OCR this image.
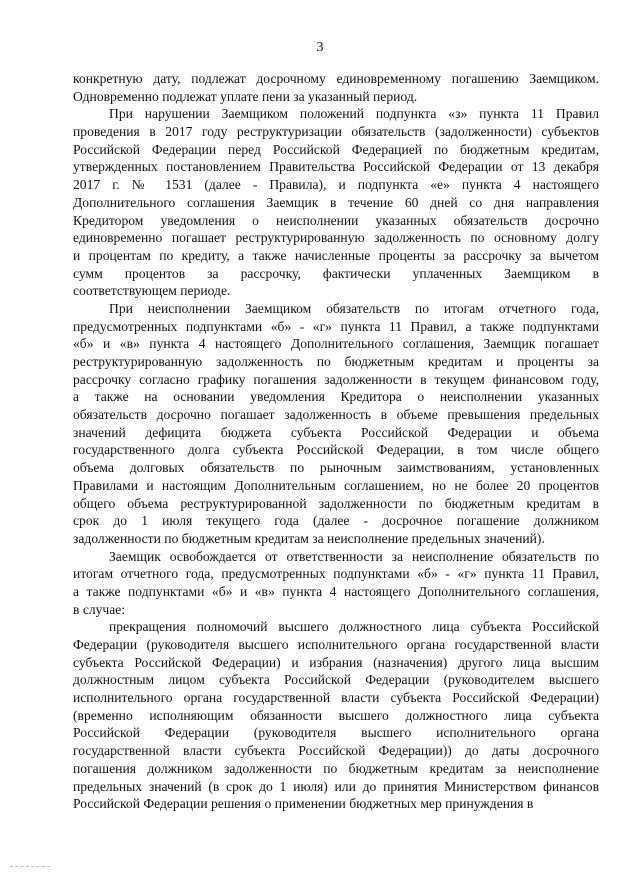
3
конкретную дату, подлежат досрочному единовременному погашению Заемщиком.
Одновременно подлежат уплате пени за указанный период.
При нарушении Заемщиком положений подпункта «з» пункта 11 Правил
проведения в 2017 году реструктуризации обязательств (задолженности) субъектов
Российской Федерации перед Российской Федерацией по бюджетным кредитам,
утвержденных постановлением Правительства Российской Федерации от 13 декабря
2017 г. № 1531 (далее - Правила), и подпункта «е» пункта 4 настоящего
Дополнительного соглашения Заемщик в течение 60 дней со дня направления
Кредитором уведомления о неисполнении указанных обязательств досрочно
единовременно погашает реструктурированную задолженность по основному долгу
и процентам по кредиту, а также начисленные проценты за рассрочку за вычетом
сумм процентов за рассрочку, фактически уплаченных Заемщиком в
соответствующем периоде.
При неисполнении Заемщиком обязательств по итогам отчетного года,
предусмотренных подпунктами «б» - «г» пункта 11 Правил, а также подпунктами
«б» и «в» пункта 4 настоящего Дополнительного соглашения, Заемщик погашает
реструктурированную задолженность по бюджетным кредитам и проценты за
рассрочку согласно графику погашения задолженности в текущем финансовом году,
а также на основании уведомления Кредитора о неисполнении указанных
обязательств досрочно погашает задолженность в объеме превышения предельных
значений дефицита бюджета субъекта Российской Федерации и объема
государственного долга субъекта Российской Федерации, в том числе общего
объема долговых обязательств по рыночным заимствованиям, установленных
Правилами и настоящим Дополнительным соглашением, но не более 20 процентов
общего объема реструктурированной задолженности по бюджетным кредитам в
срок до 1 июля текущего года (далее - досрочное погашение должником
задолженности по бюджетным кредитам за неисполнение предельных значений).
Заемщик освобождается от ответственности за неисполнение обязательств по
итогам отчетного года, предусмотренных подпунктами «б» - «г» пункта 11 Правил,
а также подпунктами «б» и «в» пункта 4 настоящего Дополнительного соглашения,
в случае:
прекращения полномочий высшего должностного лица субъекта Российской
Федерации (руководителя высшего исполнительного органа государственной власти
субъекта Российской Федерации) и избрания (назначения) другого лица высшим
должностным лицом субъекта Российской Федерации (руководителем высшего
исполнительного органа государственной власти субъекта Российской Федерации)
(временно исполняющим обязанности высшего должностного лица субъекта
Российской Федерации (руководителя высшего исполнительного органа
государственной власти субъекта Российской Федерации)) до даты досрочного
погашения должником задолженности по бюджетным кредитам за неисполнение
предельных значений (в срок до 1 июля) или до принятия Министерством финансов
Российской Федерации решения о применении бюджетных мер принуждения в
